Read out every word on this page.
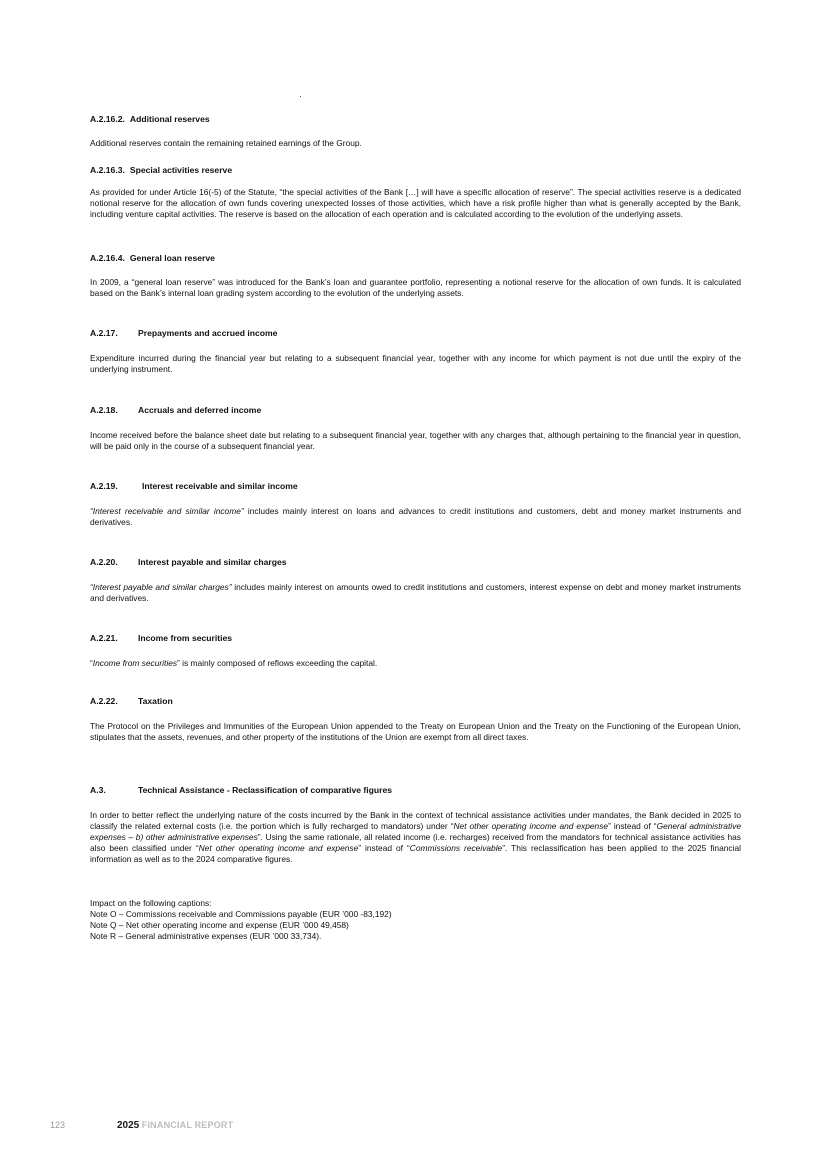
A.2.16.2. Additional reserves

Additional reserves contain the remaining retained earnings of the Group.

A.2.16.3. Special activities reserve

As provided for under Article 16(-5) of the Statute, “the special activities of the Bank […] will have a specific allocation of reserve”. The special activities reserve is a dedicated notional reserve for the allocation of own funds covering unexpected losses of those activities, which have a risk profile higher than what is generally accepted by the Bank, including venture capital activities. The reserve is based on the allocation of each operation and is calculated according to the evolution of the underlying assets.

A.2.16.4. General loan reserve

In 2009, a “general loan reserve” was introduced for the Bank’s loan and guarantee portfolio, representing a notional reserve for the allocation of own funds. It is calculated based on the Bank’s internal loan grading system according to the evolution of the underlying assets.

A.2.17. Prepayments and accrued income

Expenditure incurred during the financial year but relating to a subsequent financial year, together with any income for which payment is not due until the expiry of the underlying instrument.

A.2.18. Accruals and deferred income

Income received before the balance sheet date but relating to a subsequent financial year, together with any charges that, although pertaining to the financial year in question, will be paid only in the course of a subsequent financial year.

A.2.19.	Interest receivable and similar income

“Interest receivable and similar income” includes mainly interest on loans and advances to credit institutions and customers, debt and money market instruments and derivatives.

A.2.20. Interest payable and similar charges

“Interest payable and similar charges” includes mainly interest on amounts owed to credit institutions and customers, interest expense on debt and money market instruments and derivatives.

A.2.21. Income from securities

“Income from securities” is mainly composed of reflows exceeding the capital.

A.2.22. Taxation

The Protocol on the Privileges and Immunities of the European Union appended to the Treaty on European Union and the Treaty on the Functioning of the European Union, stipulates that the assets, revenues, and other property of the institutions of the Union are exempt from all direct taxes.

A.3.	Technical Assistance - Reclassification of comparative figures

In order to better reflect the underlying nature of the costs incurred by the Bank in the context of technical assistance activities under mandates, the Bank decided in 2025 to classify the related external costs (i.e. the portion which is fully recharged to mandators) under “Net other operating income and expense” instead of “General administrative expenses – b) other administrative expenses”. Using the same rationale, all related income (i.e. recharges) received from the mandators for technical assistance activities has also been classified under “Net other operating income and expense” instead of “Commissions receivable”. This reclassification has been applied to the 2025 financial information as well as to the 2024 comparative figures.

Impact on the following captions:
Note O – Commissions receivable and Commissions payable (EUR ’000 -83,192)
Note Q – Net other operating income and expense (EUR ’000 49,458)
Note R – General administrative expenses (EUR ’000 33,734).

123	2025 FINANCIAL REPORT
